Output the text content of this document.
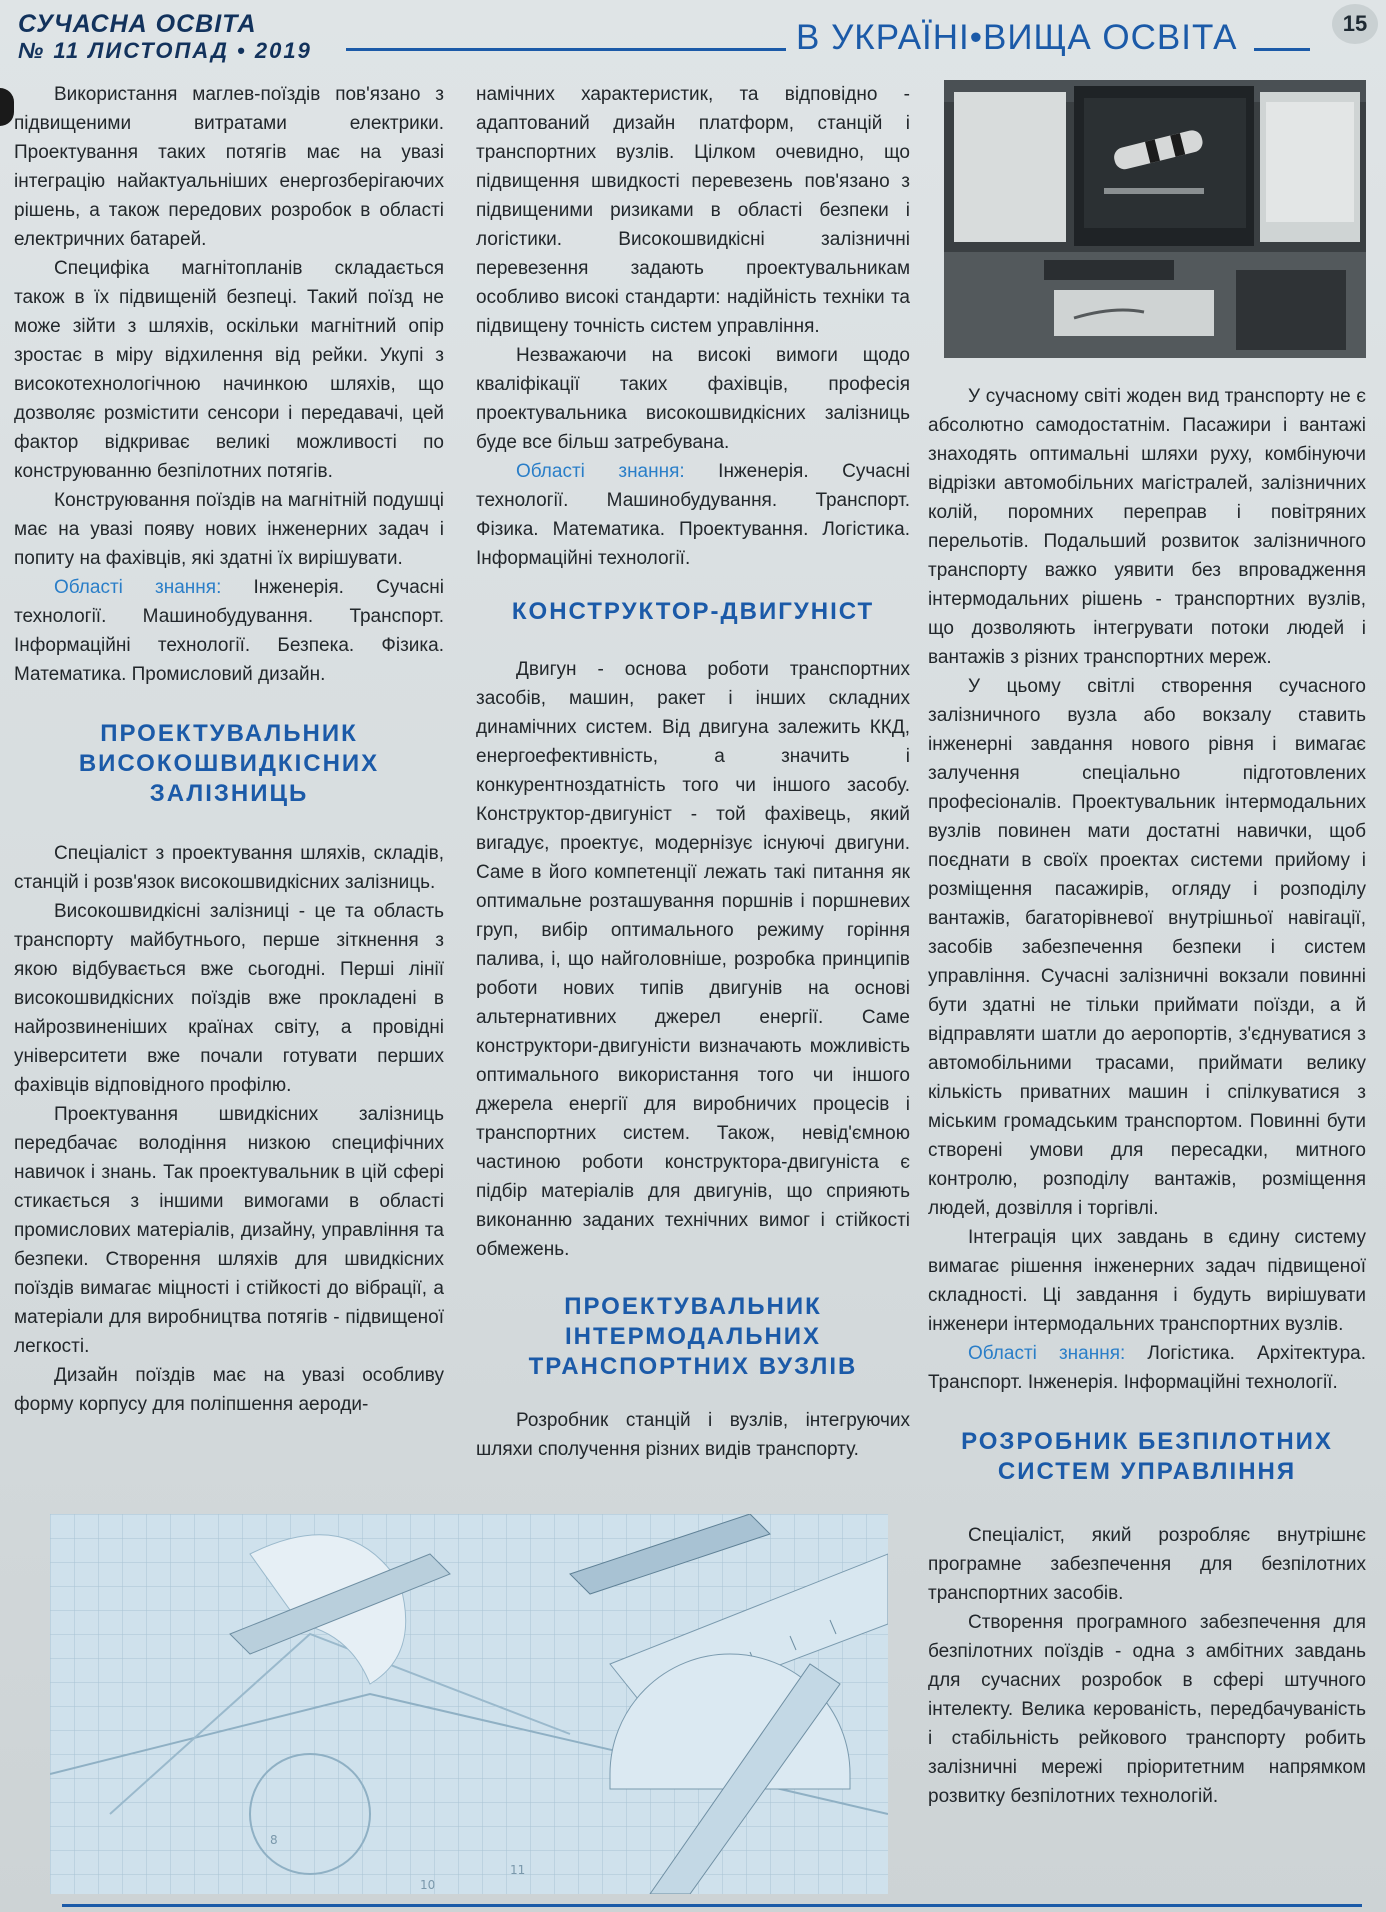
СУЧАСНА ОСВІТА
№ 11 ЛИСТОПАД • 2019	В УКРАЇНІ•ВИЩА ОСВІТА	15

Використання маглев-поїздів пов'язано з підвищеними витратами електрики. Проектування таких потягів має на увазі інтеграцію найактуальніших енергозберігаючих рішень, а також передових розробок в області електричних батарей.

Специфіка магнітопланів складається також в їх підвищеній безпеці. Такий поїзд не може зійти з шляхів, оскільки магнітний опір зростає в міру відхилення від рейки. Укупі з високотехнологічною начинкою шляхів, що дозволяє розмістити сенсори і передавачі, цей фактор відкриває великі можливості по конструюванню безпілотних потягів.

Конструювання поїздів на магнітній подушці має на увазі появу нових інженерних задач і попиту на фахівців, які здатні їх вирішувати.

Області знання: Інженерія. Сучасні технології. Машинобудування. Транспорт. Інформаційні технології. Безпека. Фізика. Математика. Промисловий дизайн.

ПРОЕКТУВАЛЬНИК ВИСОКОШВИДКІСНИХ ЗАЛІЗНИЦЬ

Спеціаліст з проектування шляхів, складів, станцій і розв'язок високошвидкісних залізниць.

Високошвидкісні залізниці - це та область транспорту майбутнього, перше зіткнення з якою відбувається вже сьогодні. Перші лінії високошвидкісних поїздів вже прокладені в найрозвиненіших країнах світу, а провідні університети вже почали готувати перших фахівців відповідного профілю.

Проектування швидкісних залізниць передбачає володіння низкою специфічних навичок і знань. Так проектувальник в цій сфері стикається з іншими вимогами в області промислових матеріалів, дизайну, управління та безпеки. Створення шляхів для швидкісних поїздів вимагає міцності і стійкості до вібрації, а матеріали для виробництва потягів - підвищеної легкості.

Дизайн поїздів має на увазі особливу форму корпусу для поліпшення аероди-

намічних характеристик, та відповідно - адаптований дизайн платформ, станцій і транспортних вузлів. Цілком очевидно, що підвищення швидкості перевезень пов'язано з підвищеними ризиками в області безпеки і логістики. Високошвидкісні залізничні перевезення задають проектувальникам особливо високі стандарти: надійність техніки та підвищену точність систем управління.

Незважаючи на високі вимоги щодо кваліфікації таких фахівців, професія проектувальника високошвидкісних залізниць буде все більш затребувана.

Області знання: Інженерія. Сучасні технології. Машинобудування. Транспорт. Фізика. Математика. Проектування. Логістика. Інформаційні технології.

КОНСТРУКТОР-ДВИГУНІСТ

Двигун - основа роботи транспортних засобів, машин, ракет і інших складних динамічних систем. Від двигуна залежить ККД, енергоефективність, а значить і конкурентноздатність того чи іншого засобу. Конструктор-двигуніст - той фахівець, який вигадує, проектує, модернізує існуючі двигуни. Саме в його компетенції лежать такі питання як оптимальне розташування поршнів і поршневих груп, вибір оптимального режиму горіння палива, і, що найголовніше, розробка принципів роботи нових типів двигунів на основі альтернативних джерел енергії. Саме конструктори-двигуністи визначають можливість оптимального використання того чи іншого джерела енергії для виробничих процесів і транспортних систем. Також, невід'ємною частиною роботи конструктора-двигуніста є підбір матеріалів для двигунів, що сприяють виконанню заданих технічних вимог і стійкості обмежень.

ПРОЕКТУВАЛЬНИК ІНТЕРМОДАЛЬНИХ ТРАНСПОРТНИХ ВУЗЛІВ

Розробник станцій і вузлів, інтегруючих шляхи сполучення різних видів транспорту.

У сучасному світі жоден вид транспорту не є абсолютно самодостатнім. Пасажири і вантажі знаходять оптимальні шляхи руху, комбінуючи відрізки автомобільних магістралей, залізничних колій, поромних переправ і повітряних перельотів. Подальший розвиток залізничного транспорту важко уявити без впровадження інтермодальних рішень - транспортних вузлів, що дозволяють інтегрувати потоки людей і вантажів з різних транспортних мереж.

У цьому світлі створення сучасного залізничного вузла або вокзалу ставить інженерні завдання нового рівня і вимагає залучення спеціально підготовлених професіоналів. Проектувальник інтермодальних вузлів повинен мати достатні навички, щоб поєднати в своїх проектах системи прийому і розміщення пасажирів, огляду і розподілу вантажів, багаторівневої внутрішньої навігації, засобів забезпечення безпеки і систем управління. Сучасні залізничні вокзали повинні бути здатні не тільки приймати поїзди, а й відправляти шатли до аеропортів, з'єднуватися з автомобільними трасами, приймати велику кількість приватних машин і спілкуватися з міським громадським транспортом. Повинні бути створені умови для пересадки, митного контролю, розподілу вантажів, розміщення людей, дозвілля і торгівлі.

Інтеграція цих завдань в єдину систему вимагає рішення інженерних задач підвищеної складності. Ці завдання і будуть вирішувати інженери інтермодальних транспортних вузлів.

Області знання: Логістика. Архітектура. Транспорт. Інженерія. Інформаційні технології.

РОЗРОБНИК БЕЗПІЛОТНИХ СИСТЕМ УПРАВЛІННЯ

Спеціаліст, який розробляє внутрішнє програмне забезпечення для безпілотних транспортних засобів.

Створення програмного забезпечення для безпілотних поїздів - одна з амбітних завдань для сучасних розробок в сфері штучного інтелекту. Велика керованість, передбачуваність і стабільність рейкового транспорту робить залізничні мережі пріоритетним напрямком розвитку безпілотних технологій.

8
11
10
